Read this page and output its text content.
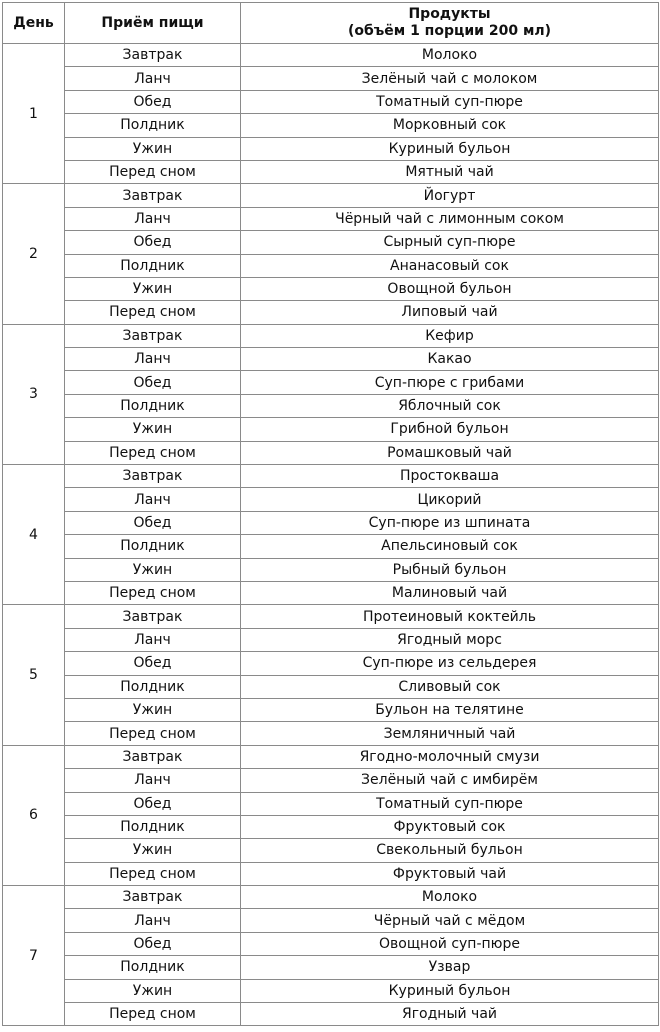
День	Приём пищи	Продукты
(объём 1 порции 200 мл)
1	Завтрак	Молоко
	Ланч	Зелёный чай с молоком
	Обед	Томатный суп-пюре
	Полдник	Морковный сок
	Ужин	Куриный бульон
	Перед сном	Мятный чай
2	Завтрак	Йогурт
	Ланч	Чёрный чай с лимонным соком
	Обед	Сырный суп-пюре
	Полдник	Ананасовый сок
	Ужин	Овощной бульон
	Перед сном	Липовый чай
3	Завтрак	Кефир
	Ланч	Какао
	Обед	Суп-пюре с грибами
	Полдник	Яблочный сок
	Ужин	Грибной бульон
	Перед сном	Ромашковый чай
4	Завтрак	Простокваша
	Ланч	Цикорий
	Обед	Суп-пюре из шпината
	Полдник	Апельсиновый сок
	Ужин	Рыбный бульон
	Перед сном	Малиновый чай
5	Завтрак	Протеиновый коктейль
	Ланч	Ягодный морс
	Обед	Суп-пюре из сельдерея
	Полдник	Сливовый сок
	Ужин	Бульон на телятине
	Перед сном	Земляничный чай
6	Завтрак	Ягодно-молочный смузи
	Ланч	Зелёный чай с имбирём
	Обед	Томатный суп-пюре
	Полдник	Фруктовый сок
	Ужин	Свекольный бульон
	Перед сном	Фруктовый чай
7	Завтрак	Молоко
	Ланч	Чёрный чай с мёдом
	Обед	Овощной суп-пюре
	Полдник	Узвар
	Ужин	Куриный бульон
	Перед сном	Ягодный чай
